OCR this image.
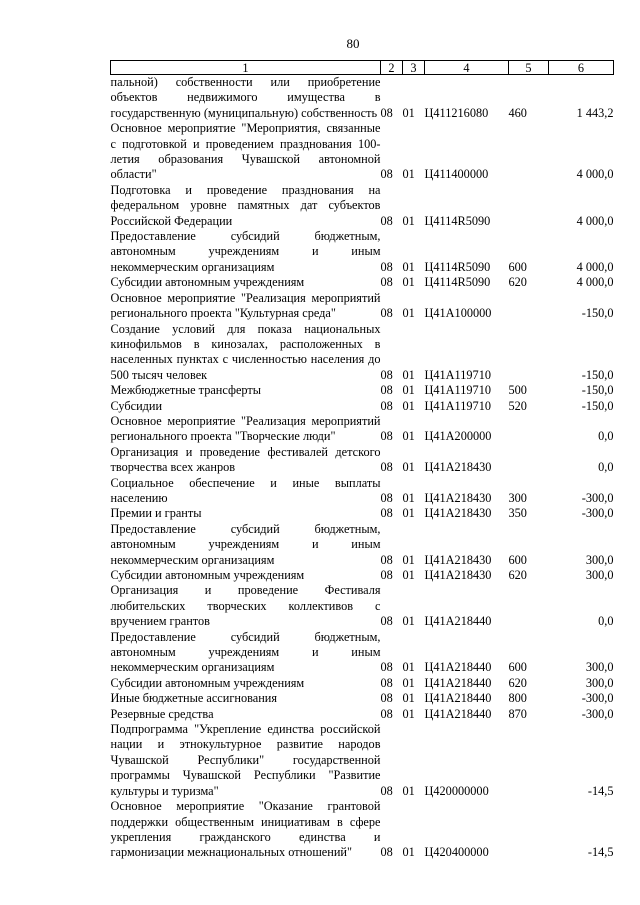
80
1	2	3	4	5	6
пальной) собственности или приобретение объектов недвижимого имущества в государственную (муниципальную) собственность	08	01	Ц411216080	460	1 443,2
Основное мероприятие "Мероприятия, связанные с подготовкой и проведением празднования 100-летия образования Чувашской автономной области"	08	01	Ц411400000		4 000,0
Подготовка и проведение празднования на федеральном уровне памятных дат субъектов Российской Федерации	08	01	Ц4114R5090		4 000,0
Предоставление субсидий бюджетным, автономным учреждениям и иным некоммерческим организациям	08	01	Ц4114R5090	600	4 000,0
Субсидии автономным учреждениям	08	01	Ц4114R5090	620	4 000,0
Основное мероприятие "Реализация мероприятий регионального проекта "Культурная среда"	08	01	Ц41A100000		-150,0
Создание условий для показа национальных кинофильмов в кинозалах, расположенных в населенных пунктах с численностью населения до 500 тысяч человек	08	01	Ц41A119710		-150,0
Межбюджетные трансферты	08	01	Ц41A119710	500	-150,0
Субсидии	08	01	Ц41A119710	520	-150,0
Основное мероприятие "Реализация мероприятий регионального проекта "Творческие люди"	08	01	Ц41A200000		0,0
Организация и проведение фестивалей детского творчества всех жанров	08	01	Ц41A218430		0,0
Социальное обеспечение и иные выплаты населению	08	01	Ц41A218430	300	-300,0
Премии и гранты	08	01	Ц41A218430	350	-300,0
Предоставление субсидий бюджетным, автономным учреждениям и иным некоммерческим организациям	08	01	Ц41A218430	600	300,0
Субсидии автономным учреждениям	08	01	Ц41A218430	620	300,0
Организация и проведение Фестиваля любительских творческих коллективов с вручением грантов	08	01	Ц41A218440		0,0
Предоставление субсидий бюджетным, автономным учреждениям и иным некоммерческим организациям	08	01	Ц41A218440	600	300,0
Субсидии автономным учреждениям	08	01	Ц41A218440	620	300,0
Иные бюджетные ассигнования	08	01	Ц41A218440	800	-300,0
Резервные средства	08	01	Ц41A218440	870	-300,0
Подпрограмма "Укрепление единства российской нации и этнокультурное развитие народов Чувашской Республики" государственной программы Чувашской Республики "Развитие культуры и туризма"	08	01	Ц420000000		-14,5
Основное мероприятие "Оказание грантовой поддержки общественным инициативам в сфере укрепления гражданского единства и гармонизации межнациональных отношений"	08	01	Ц420400000		-14,5
